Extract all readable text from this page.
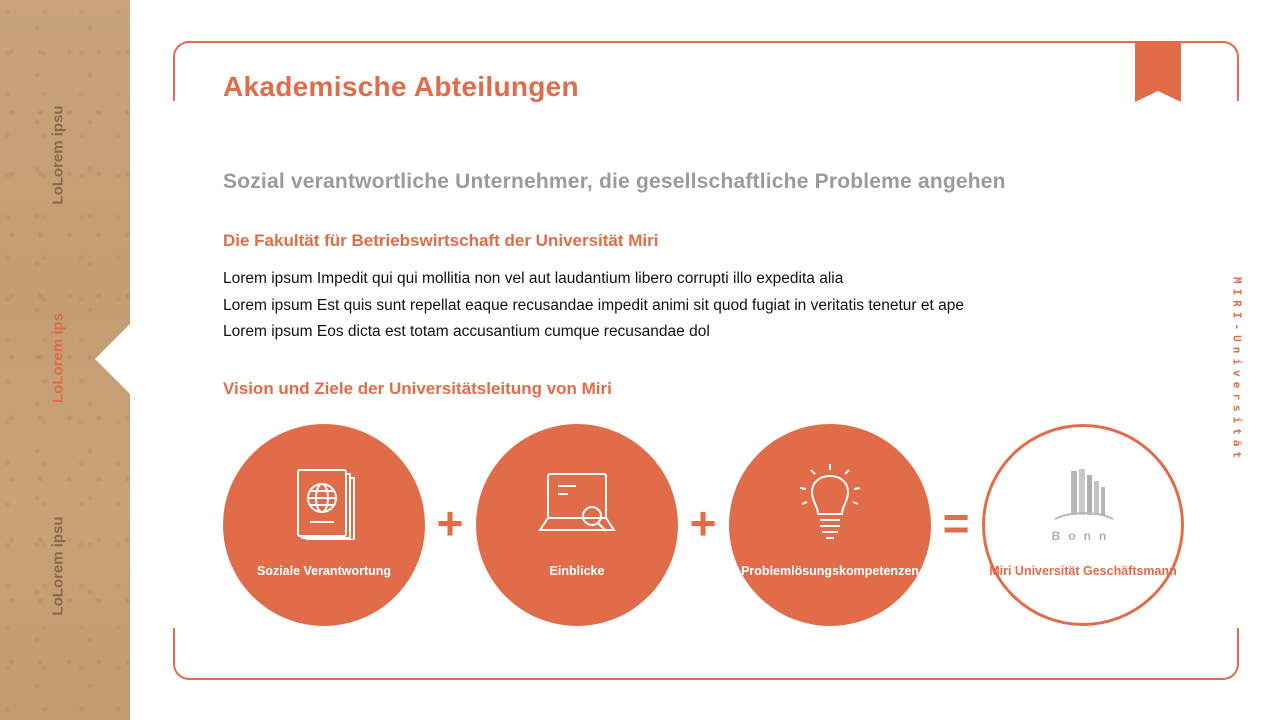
LoLorem ipsu
LoLorem ips
LoLorem ipsu
Akademische Abteilungen
Sozial verantwortliche Unternehmer, die gesellschaftliche Probleme angehen
Die Fakultät für Betriebswirtschaft der Universität Miri
Lorem ipsum Impedit qui qui mollitia non vel aut laudantium libero corrupti illo expedita alia
Lorem ipsum Est quis sunt repellat eaque recusandae impedit animi sit quod fugiat in veritatis tenetur et ape
Lorem ipsum Eos dicta est totam accusantium cumque recusandae dol
Vision und Ziele der Universitätsleitung von Miri	MIRI-Universität
Soziale Verantwortung
+
Einblicke
+
Problemlösungskompetenzen
=	Bonn
Miri Universität Geschäftsmann
